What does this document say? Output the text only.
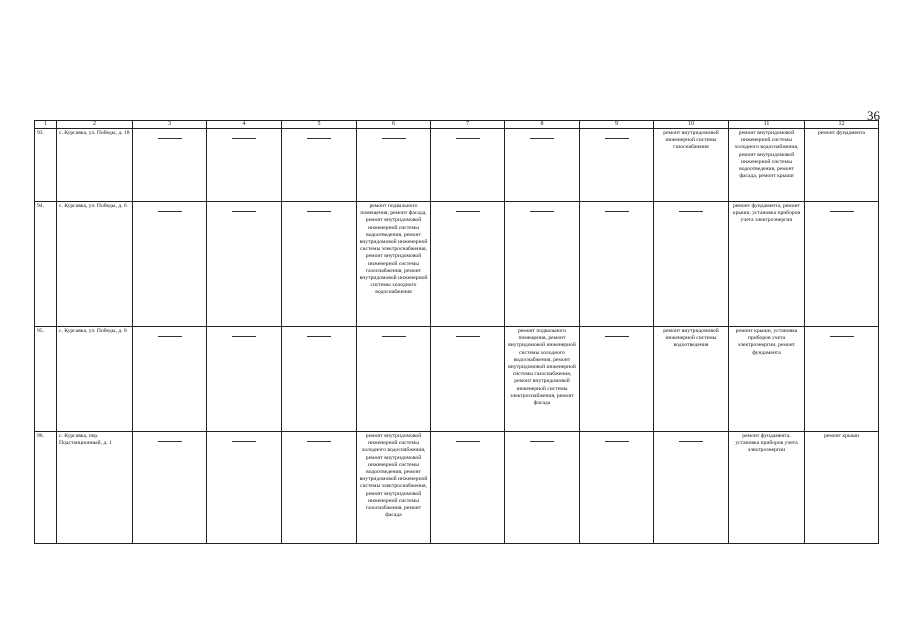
36
1	2	3	4	5	6	7	8	9	10	11	12
93.	с. Курсавка, ул. Победы, д. 18								ремонт внутридомовой инженерной системы газоснабжения	ремонт внутридомовой инженерной системы холодного водоснабжения, ремонт внутридомовой инженерной системы водоотведения, ремонт фасада, ремонт крыши	ремонт фундамента
94.	с. Курсавка, ул. Победы, д. 6				ремонт подвального помещения, ремонт фасада, ремонт внутридомовой инженерной системы водоотведения, ремонт внутридомовой инженерной системы электроснабжения, ремонт внутридомовой инженерной системы газоснабжения, ремонт внутридомовой инженерной системы холодного водоснабжения					ремонт фундамента, ремонт крыши, установка приборов учета электроэнергии	

95.	с. Курсавка, ул. Победы, д. 8						ремонт подвального помещения, ремонт внутридомовой инженерной системы холодного водоснабжения, ремонт внутридомовой инженерной системы газоснабжения, ремонт внутридомовой инженерной системы электроснабжения, ремонт фасада		ремонт внутридомовой инженерной системы водоотведения	ремонт крыши, установка приборов учета электроэнергии, ремонт фундамента	

96.	с. Курсавка, пер. Подстанционный, д. 1				ремонт внутридомовой инженерной системы холодного водоснабжения, ремонт внутридомовой инженерной системы водоотведения, ремонт внутридомовой инженерной системы электроснабжения, ремонт внутридомовой инженерной системы газоснабжения, ремонт фасада					ремонт фундамента, установка приборов учета электроэнергии	ремонт крыши
